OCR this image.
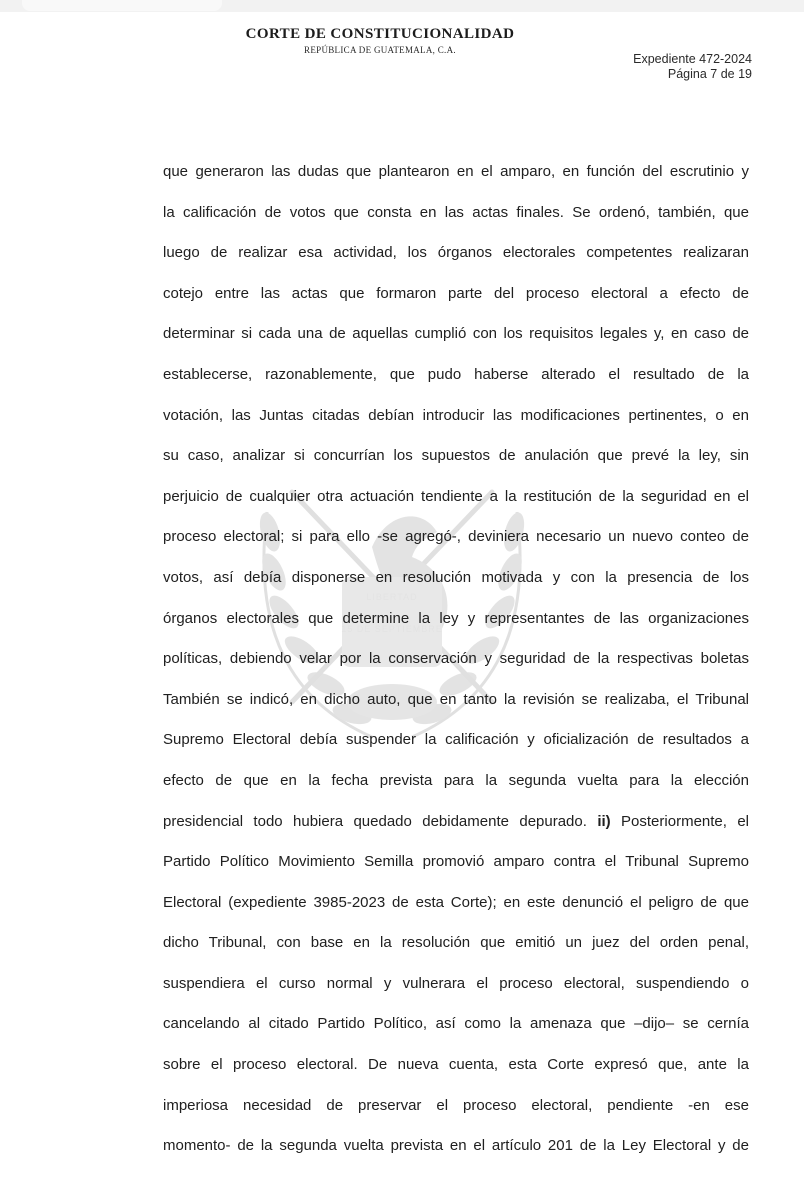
CORTE DE CONSTITUCIONALIDAD
REPÚBLICA DE GUATEMALA, C.A.
Expediente 472-2024
Página 7 de 19
LIBERTAD
15 DE SEPTIEMBRE
que generaron las dudas que plantearon en el amparo, en función del escrutinio y
la calificación de votos que consta en las actas finales. Se ordenó, también, que
luego de realizar esa actividad, los órganos electorales competentes realizaran
cotejo entre las actas que formaron parte del proceso electoral a efecto de
determinar si cada una de aquellas cumplió con los requisitos legales y, en caso de
establecerse, razonablemente, que pudo haberse alterado el resultado de la
votación, las Juntas citadas debían introducir las modificaciones pertinentes, o en
su caso, analizar si concurrían los supuestos de anulación que prevé la ley, sin
perjuicio de cualquier otra actuación tendiente a la restitución de la seguridad en el
proceso electoral; si para ello -se agregó-, deviniera necesario un nuevo conteo de
votos, así debía disponerse en resolución motivada y con la presencia de los
órganos electorales que determine la ley y representantes de las organizaciones
políticas, debiendo velar por la conservación y seguridad de la respectivas boletas
También se indicó, en dicho auto, que en tanto la revisión se realizaba, el Tribunal
Supremo Electoral debía suspender la calificación y oficialización de resultados a
efecto de que en la fecha prevista para la segunda vuelta para la elección
presidencial todo hubiera quedado debidamente depurado. ii) Posteriormente, el
Partido Político Movimiento Semilla promovió amparo contra el Tribunal Supremo
Electoral (expediente 3985-2023 de esta Corte); en este denunció el peligro de que
dicho Tribunal, con base en la resolución que emitió un juez del orden penal,
suspendiera el curso normal y vulnerara el proceso electoral, suspendiendo o
cancelando al citado Partido Político, así como la amenaza que –dijo– se cernía
sobre el proceso electoral. De nueva cuenta, esta Corte expresó que, ante la
imperiosa necesidad de preservar el proceso electoral, pendiente -en ese
momento- de la segunda vuelta prevista en el artículo 201 de la Ley Electoral y de
